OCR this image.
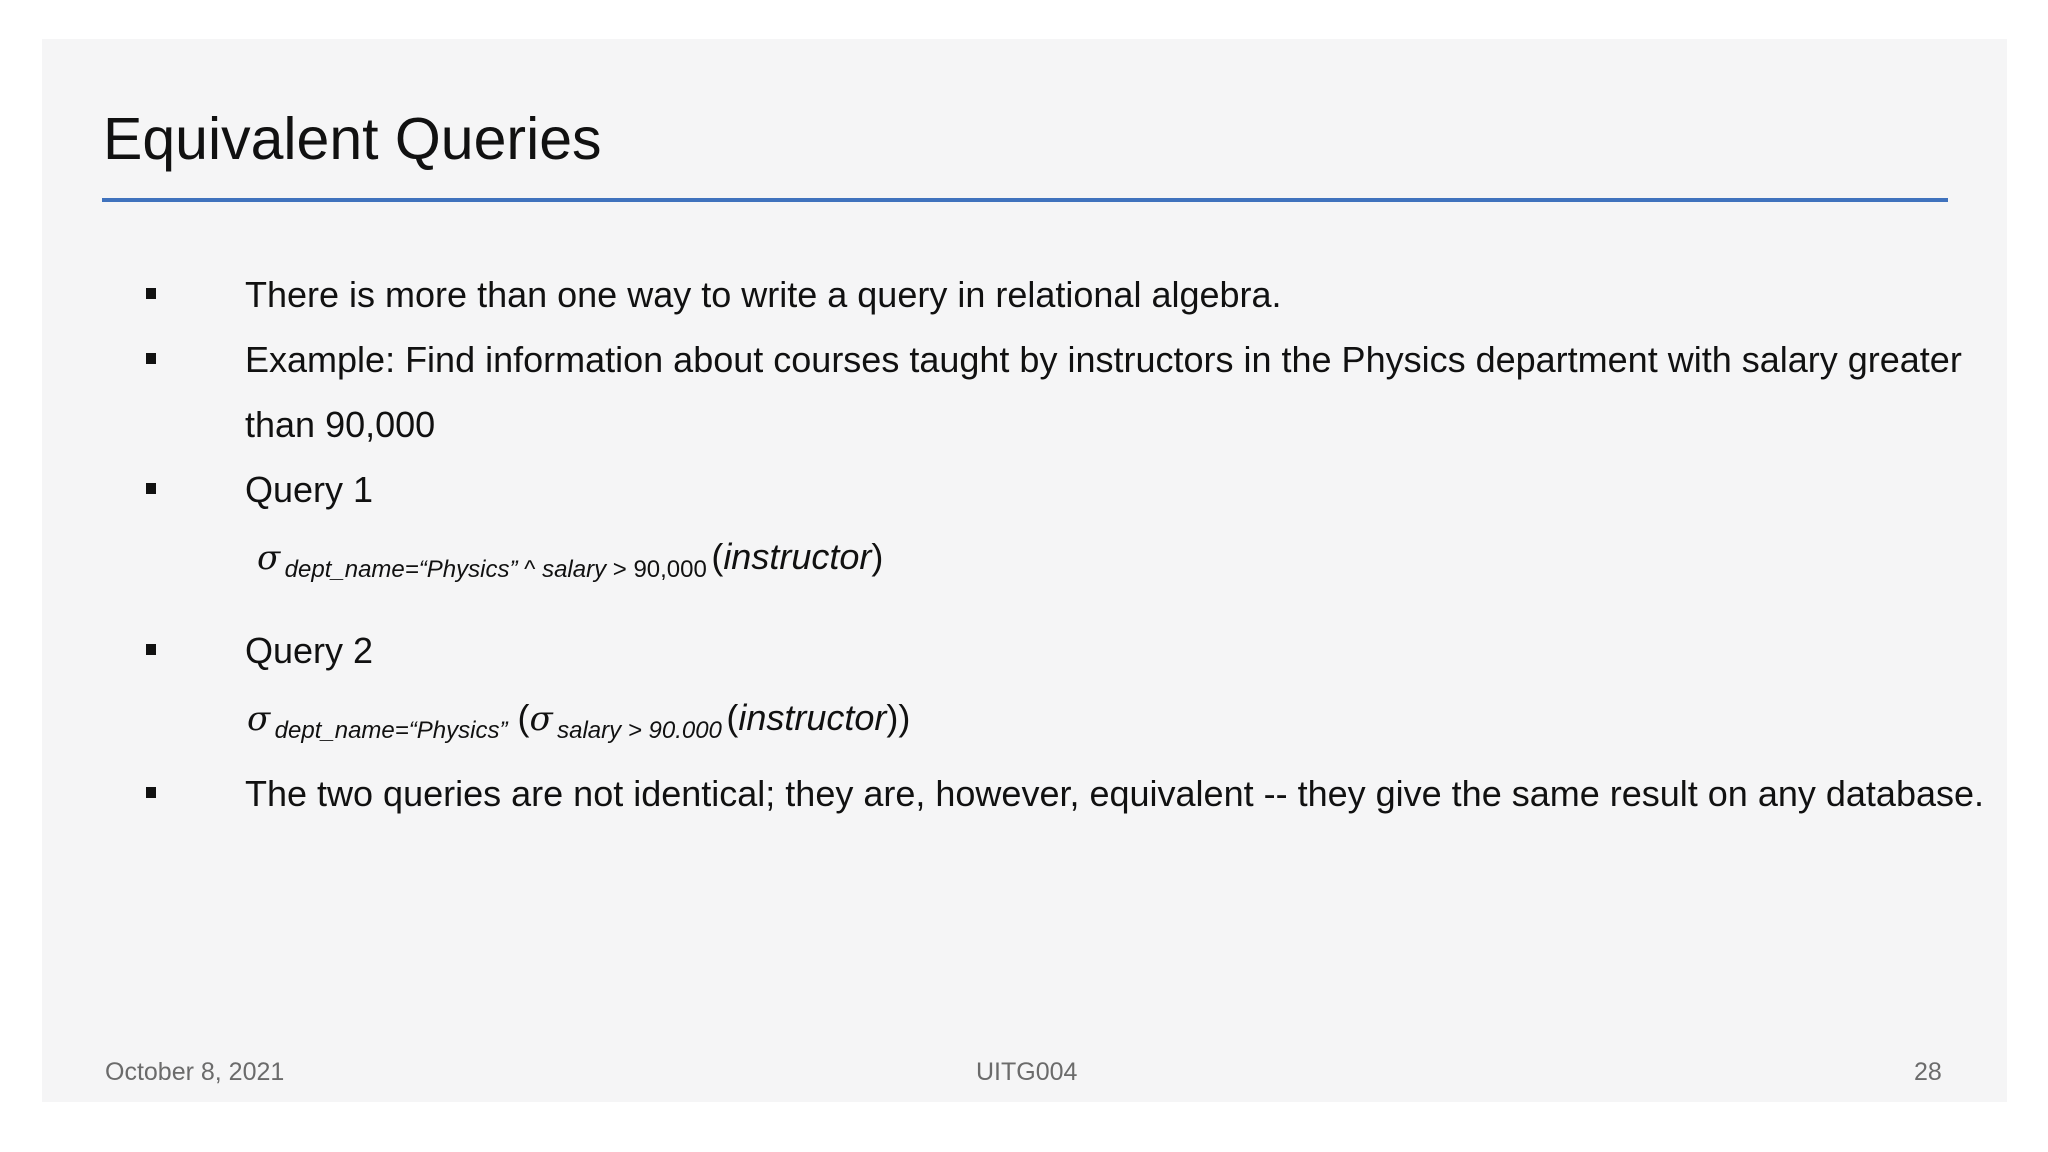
Equivalent Queries
There is more than one way to write a query in relational algebra.
Example: Find information about courses taught by instructors in the Physics department with salary greater
than 90,000
Query 1
σ dept_name=“Physics” ^ salary > 90,000 (instructor)
Query 2
σ dept_name=“Physics” (σ salary > 90.000 (instructor))
The two queries are not identical; they are, however, equivalent -- they give the same result on any database.
October 8, 2021	UITG004	28
